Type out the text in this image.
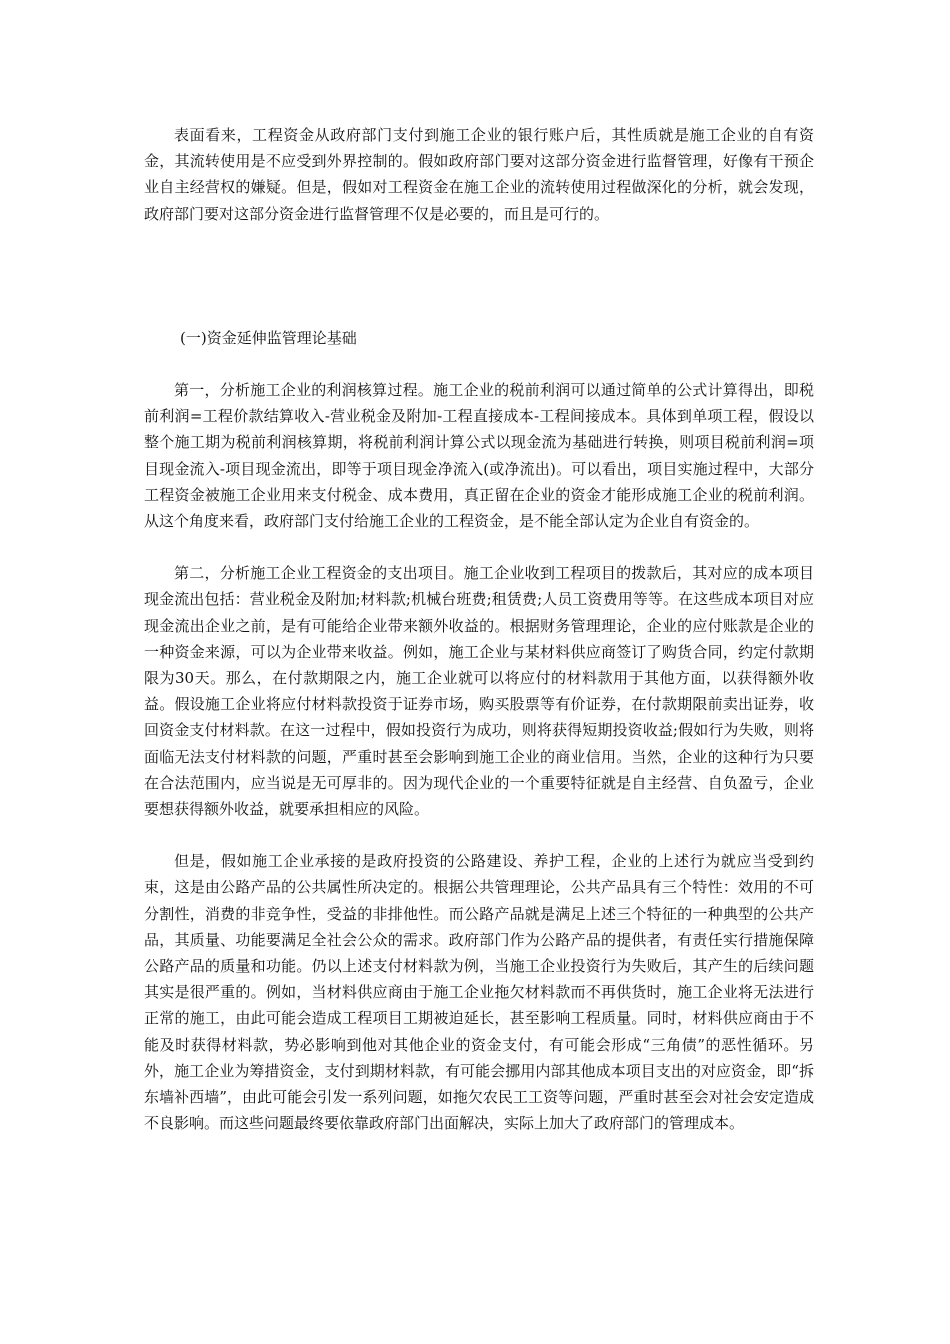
表面看来，工程资金从政府部门支付到施工企业的银行账户后，其性质就是施工企业的自有资金，其流转使用是不应受到外界控制的。假如政府部门要对这部分资金进行监督管理，好像有干预企业自主经营权的嫌疑。但是，假如对工程资金在施工企业的流转使用过程做深化的分析，就会发现，政府部门要对这部分资金进行监督管理不仅是必要的，而且是可行的。

(一)资金延伸监管理论基础

第一，分析施工企业的利润核算过程。施工企业的税前利润可以通过简单的公式计算得出，即税前利润=工程价款结算收入-营业税金及附加-工程直接成本-工程间接成本。具体到单项工程，假设以整个施工期为税前利润核算期，将税前利润计算公式以现金流为基础进行转换，则项目税前利润=项目现金流入-项目现金流出，即等于项目现金净流入(或净流出)。可以看出，项目实施过程中，大部分工程资金被施工企业用来支付税金、成本费用，真正留在企业的资金才能形成施工企业的税前利润。从这个角度来看，政府部门支付给施工企业的工程资金，是不能全部认定为企业自有资金的。

第二，分析施工企业工程资金的支出项目。施工企业收到工程项目的拨款后，其对应的成本项目现金流出包括：营业税金及附加;材料款;机械台班费;租赁费;人员工资费用等等。在这些成本项目对应现金流出企业之前，是有可能给企业带来额外收益的。根据财务管理理论，企业的应付账款是企业的一种资金来源，可以为企业带来收益。例如，施工企业与某材料供应商签订了购货合同，约定付款期限为30天。那么，在付款期限之内，施工企业就可以将应付的材料款用于其他方面，以获得额外收益。假设施工企业将应付材料款投资于证券市场，购买股票等有价证券，在付款期限前卖出证券，收回资金支付材料款。在这一过程中，假如投资行为成功，则将获得短期投资收益;假如行为失败，则将面临无法支付材料款的问题，严重时甚至会影响到施工企业的商业信用。当然，企业的这种行为只要在合法范围内，应当说是无可厚非的。因为现代企业的一个重要特征就是自主经营、自负盈亏，企业要想获得额外收益，就要承担相应的风险。

但是，假如施工企业承接的是政府投资的公路建设、养护工程，企业的上述行为就应当受到约束，这是由公路产品的公共属性所决定的。根据公共管理理论，公共产品具有三个特性：效用的不可分割性，消费的非竞争性，受益的非排他性。而公路产品就是满足上述三个特征的一种典型的公共产品，其质量、功能要满足全社会公众的需求。政府部门作为公路产品的提供者，有责任实行措施保障公路产品的质量和功能。仍以上述支付材料款为例，当施工企业投资行为失败后，其产生的后续问题其实是很严重的。例如，当材料供应商由于施工企业拖欠材料款而不再供货时，施工企业将无法进行正常的施工，由此可能会造成工程项目工期被迫延长，甚至影响工程质量。同时，材料供应商由于不能及时获得材料款，势必影响到他对其他企业的资金支付，有可能会形成“三角债”的恶性循环。另外，施工企业为筹措资金，支付到期材料款，有可能会挪用内部其他成本项目支出的对应资金，即“拆东墙补西墙”，由此可能会引发一系列问题，如拖欠农民工工资等问题，严重时甚至会对社会安定造成不良影响。而这些问题最终要依靠政府部门出面解决，实际上加大了政府部门的管理成本。
